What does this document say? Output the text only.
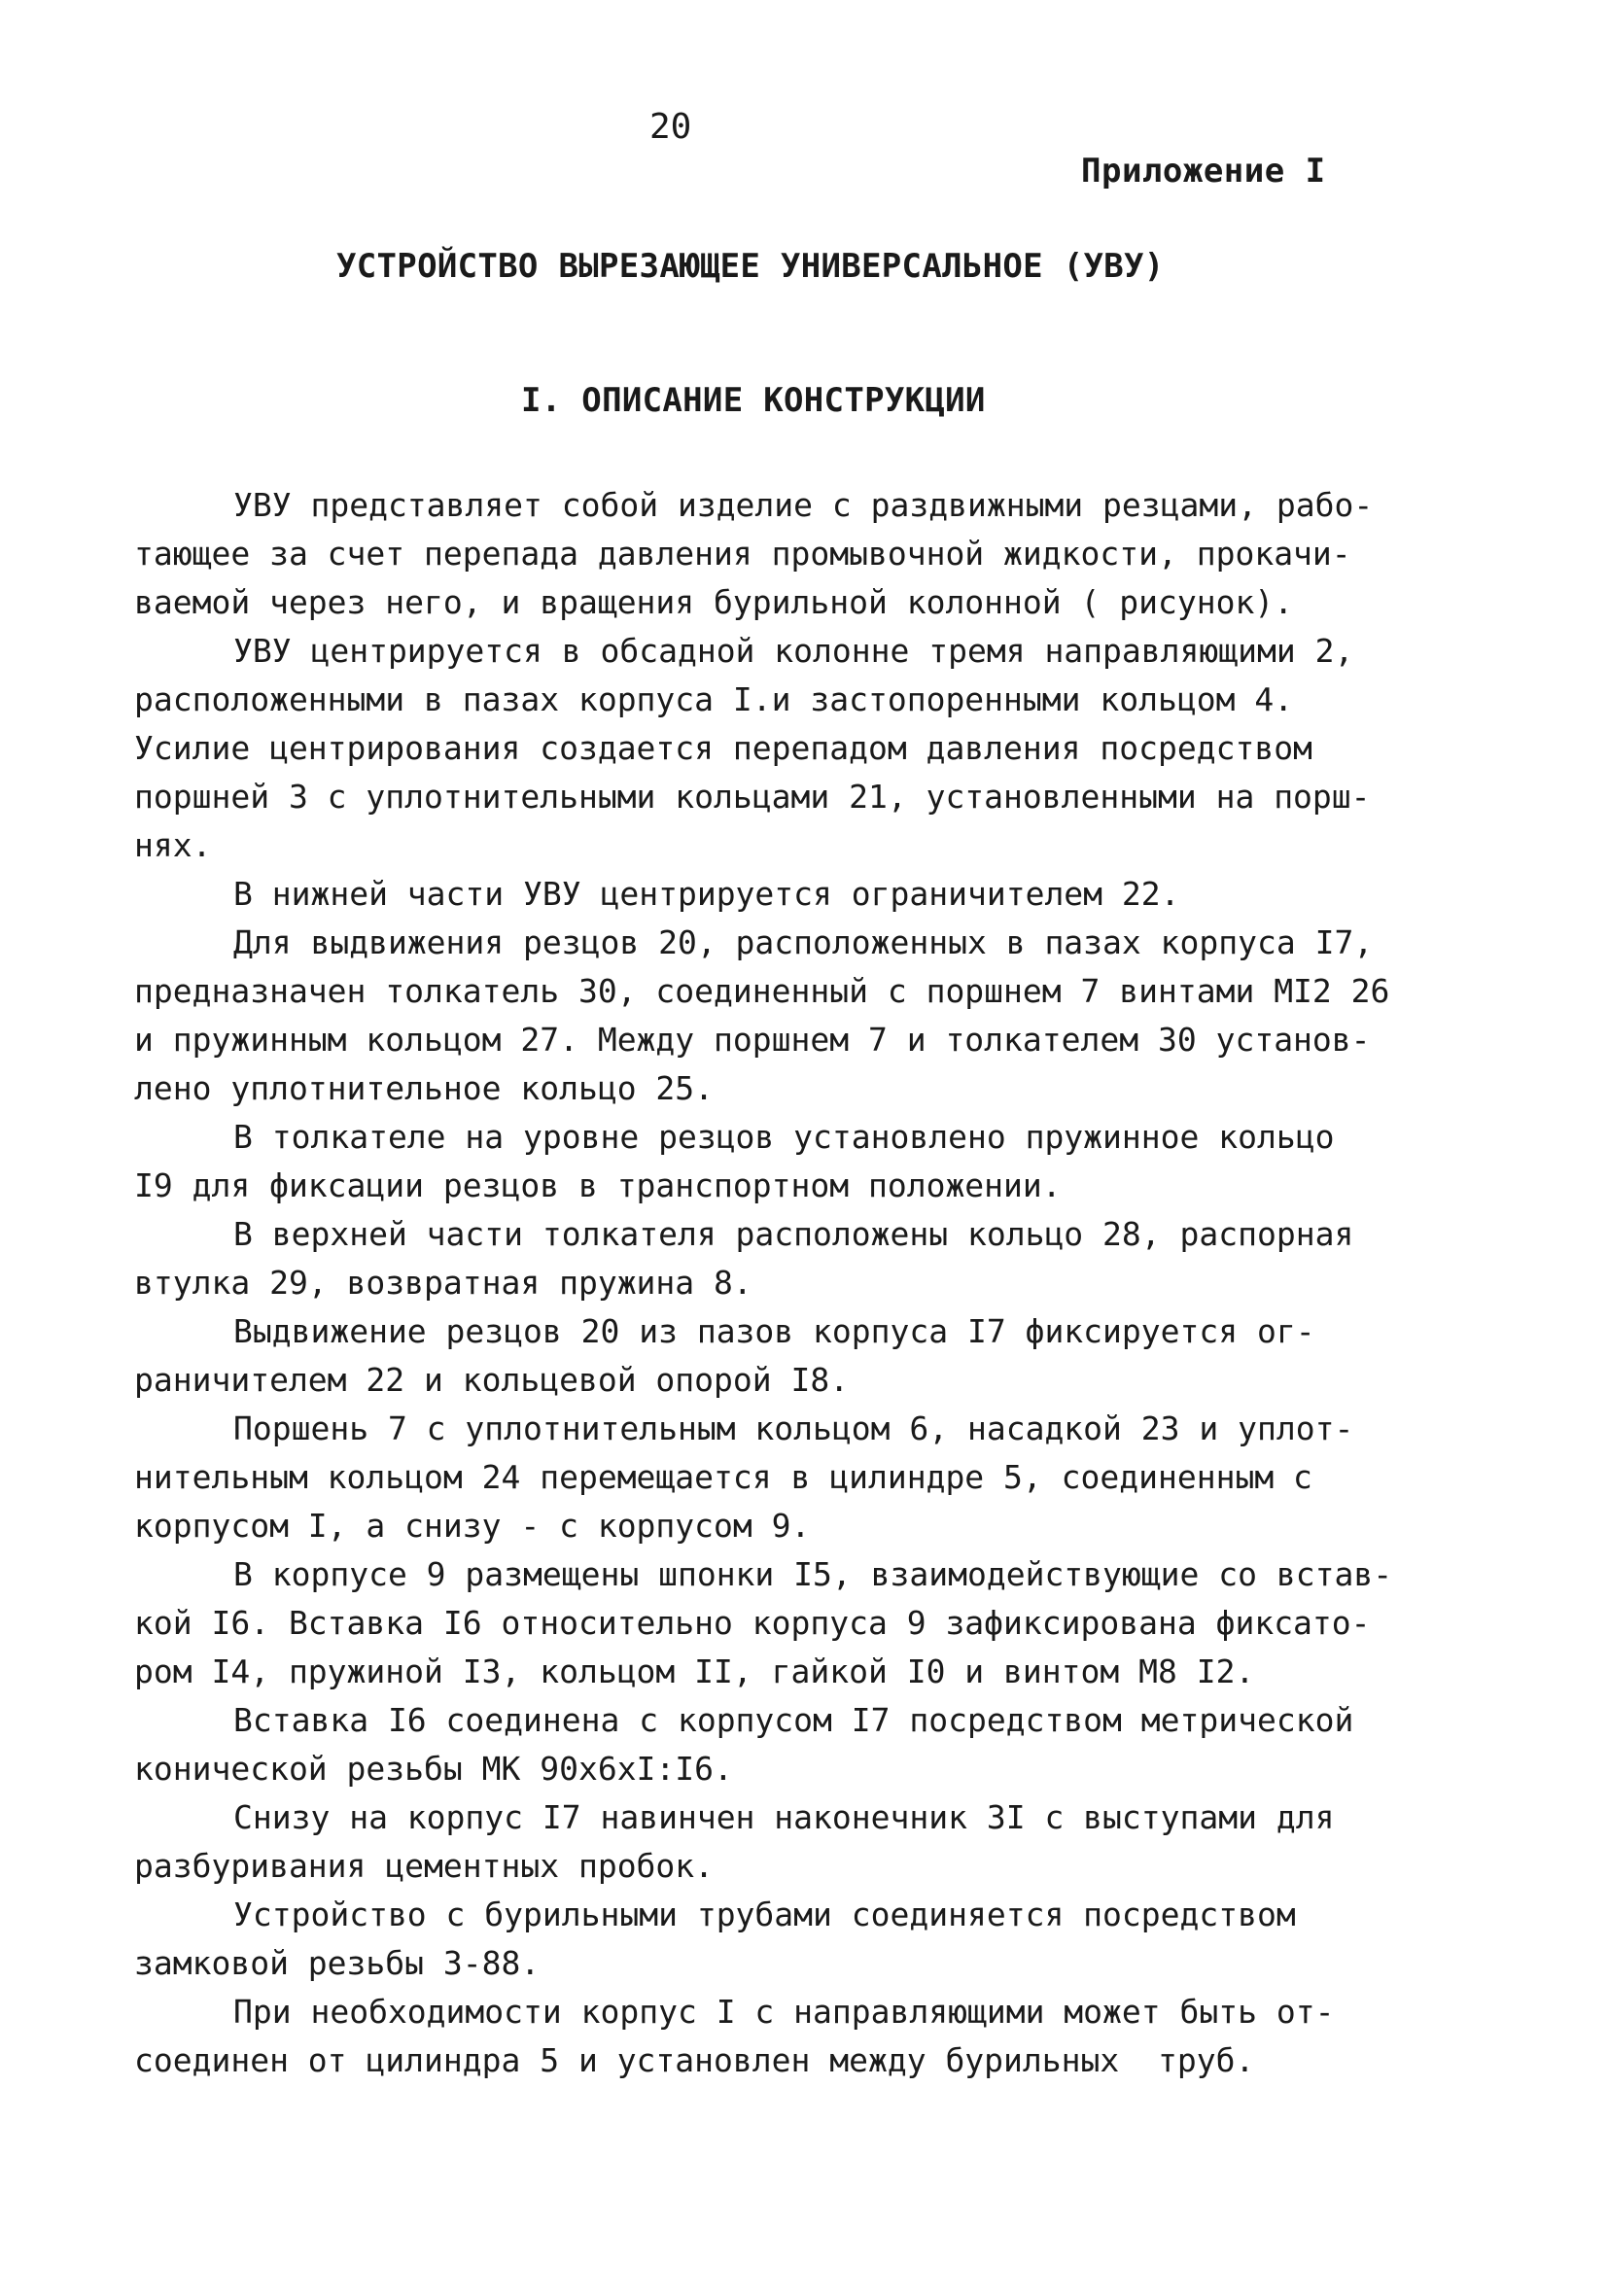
20
Приложение I
УСТРОЙСТВО ВЫРЕЗАЮЩЕЕ УНИВЕРСАЛЬНОЕ (УВУ)
I. ОПИСАНИЕ КОНСТРУКЦИИ
УВУ представляет собой изделие с раздвижными резцами, рабо-
тающее за счет перепада давления промывочной жидкости, прокачи-
ваемой через него, и вращения бурильной колонной ( рисунок).
УВУ центрируется в обсадной колонне тремя направляющими 2,
расположенными в пазах корпуса I.и застопоренными кольцом 4.
Усилие центрирования создается перепадом давления посредством
поршней 3 с уплотнительными кольцами 21, установленными на порш-
нях.
В нижней части УВУ центрируется ограничителем 22.
Для выдвижения резцов 20, расположенных в пазах корпуса I7,
предназначен толкатель 30, соединенный с поршнем 7 винтами МI2 26
и пружинным кольцом 27. Между поршнем 7 и толкателем 30 установ-
лено уплотнительное кольцо 25.
В толкателе на уровне резцов установлено пружинное кольцо
I9 для фиксации резцов в транспортном положении.
В верхней части толкателя расположены кольцо 28, распорная
втулка 29, возвратная пружина 8.
Выдвижение резцов 20 из пазов корпуса I7 фиксируется ог-
раничителем 22 и кольцевой опорой I8.
Поршень 7 с уплотнительным кольцом 6, насадкой 23 и уплот-
нительным кольцом 24 перемещается в цилиндре 5, соединенным с
корпусом I, а снизу - с корпусом 9.
В корпусе 9 размещены шпонки I5, взаимодействующие со встав-
кой I6. Вставка I6 относительно корпуса 9 зафиксирована фиксато-
ром I4, пружиной I3, кольцом II, гайкой I0 и винтом М8 I2.
Вставка I6 соединена с корпусом I7 посредством метрической
конической резьбы МК 90х6хI:I6.
Снизу на корпус I7 навинчен наконечник 3I с выступами для
разбуривания цементных пробок.
Устройство с бурильными трубами соединяется посредством
замковой резьбы 3-88.
При необходимости корпус I с направляющими может быть от-
соединен от цилиндра 5 и установлен между бурильных  труб.
